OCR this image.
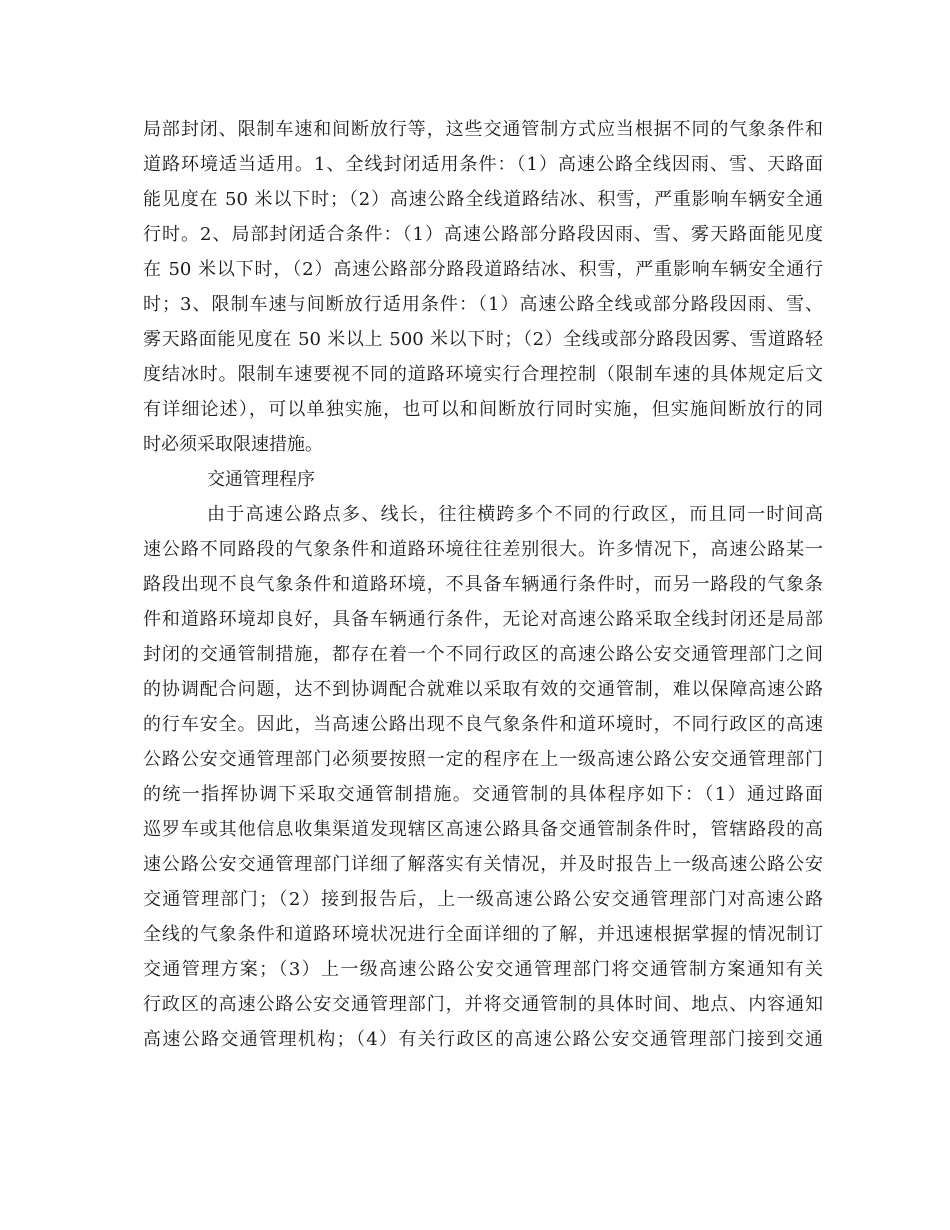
局部封闭、限制车速和间断放行等，这些交通管制方式应当根据不同的气象条件和
道路环境适当适用。1、全线封闭适用条件：（1）高速公路全线因雨、雪、天路面
能见度在 50 米以下时；（2）高速公路全线道路结冰、积雪，严重影响车辆安全通
行时。2、局部封闭适合条件：（1）高速公路部分路段因雨、雪、雾天路面能见度
在 50 米以下时，（2）高速公路部分路段道路结冰、积雪，严重影响车辆安全通行
时；3、限制车速与间断放行适用条件：（1）高速公路全线或部分路段因雨、雪、
雾天路面能见度在 50 米以上 500 米以下时；（2）全线或部分路段因雾、雪道路轻
度结冰时。限制车速要视不同的道路环境实行合理控制（限制车速的具体规定后文
有详细论述），可以单独实施，也可以和间断放行同时实施，但实施间断放行的同
时必须采取限速措施。
交通管理程序
由于高速公路点多、线长，往往横跨多个不同的行政区，而且同一时间高
速公路不同路段的气象条件和道路环境往往差别很大。许多情况下，高速公路某一
路段出现不良气象条件和道路环境，不具备车辆通行条件时，而另一路段的气象条
件和道路环境却良好，具备车辆通行条件，无论对高速公路采取全线封闭还是局部
封闭的交通管制措施，都存在着一个不同行政区的高速公路公安交通管理部门之间
的协调配合问题，达不到协调配合就难以采取有效的交通管制，难以保障高速公路
的行车安全。因此，当高速公路出现不良气象条件和道环境时，不同行政区的高速
公路公安交通管理部门必须要按照一定的程序在上一级高速公路公安交通管理部门
的统一指挥协调下采取交通管制措施。交通管制的具体程序如下：（1）通过路面
巡罗车或其他信息收集渠道发现辖区高速公路具备交通管制条件时，管辖路段的高
速公路公安交通管理部门详细了解落实有关情况，并及时报告上一级高速公路公安
交通管理部门；（2）接到报告后，上一级高速公路公安交通管理部门对高速公路
全线的气象条件和道路环境状况进行全面详细的了解，并迅速根据掌握的情况制订
交通管理方案；（3）上一级高速公路公安交通管理部门将交通管制方案通知有关
行政区的高速公路公安交通管理部门，并将交通管制的具体时间、地点、内容通知
高速公路交通管理机构；（4）有关行政区的高速公路公安交通管理部门接到交通
